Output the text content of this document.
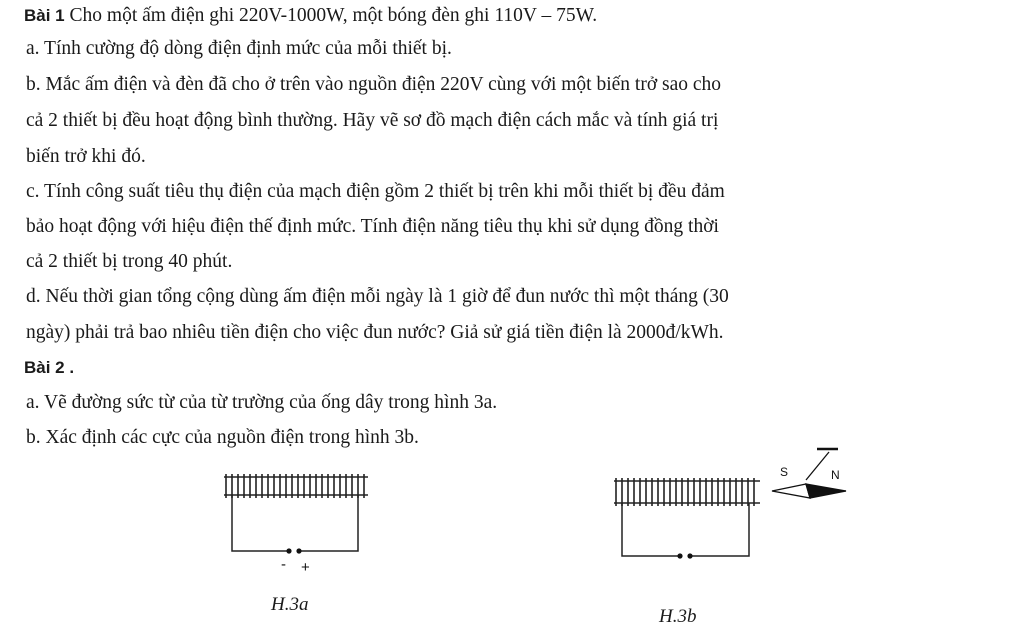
Bài 1 Cho một ấm điện ghi 220V-1000W, một bóng đèn ghi 110V – 75W.
a. Tính cường độ dòng điện định mức của mỗi thiết bị.
b. Mắc ấm điện và đèn đã cho ở trên vào nguồn điện 220V cùng với một biến trở sao cho
cả 2 thiết bị đều hoạt động bình thường. Hãy vẽ sơ đồ mạch điện cách mắc và tính giá trị
biến trở khi đó.
c. Tính công suất tiêu thụ điện của mạch điện gồm 2 thiết bị trên khi mỗi thiết bị đều đảm
bảo hoạt động với hiệu điện thế định mức. Tính điện năng tiêu thụ khi sử dụng đồng thời
cả 2 thiết bị trong 40 phút.
d. Nếu thời gian tổng cộng dùng ấm điện mỗi ngày là 1 giờ để đun nước thì một tháng (30
ngày) phải trả bao nhiêu tiền điện cho việc đun nước? Giả sử giá tiền điện là 2000đ/kWh.
Bài 2 .
a. Vẽ đường sức từ của từ trường của ống dây trong hình 3a.
b. Xác định các cực của nguồn điện trong hình 3b.
- +
S	N
H.3a
H.3b
